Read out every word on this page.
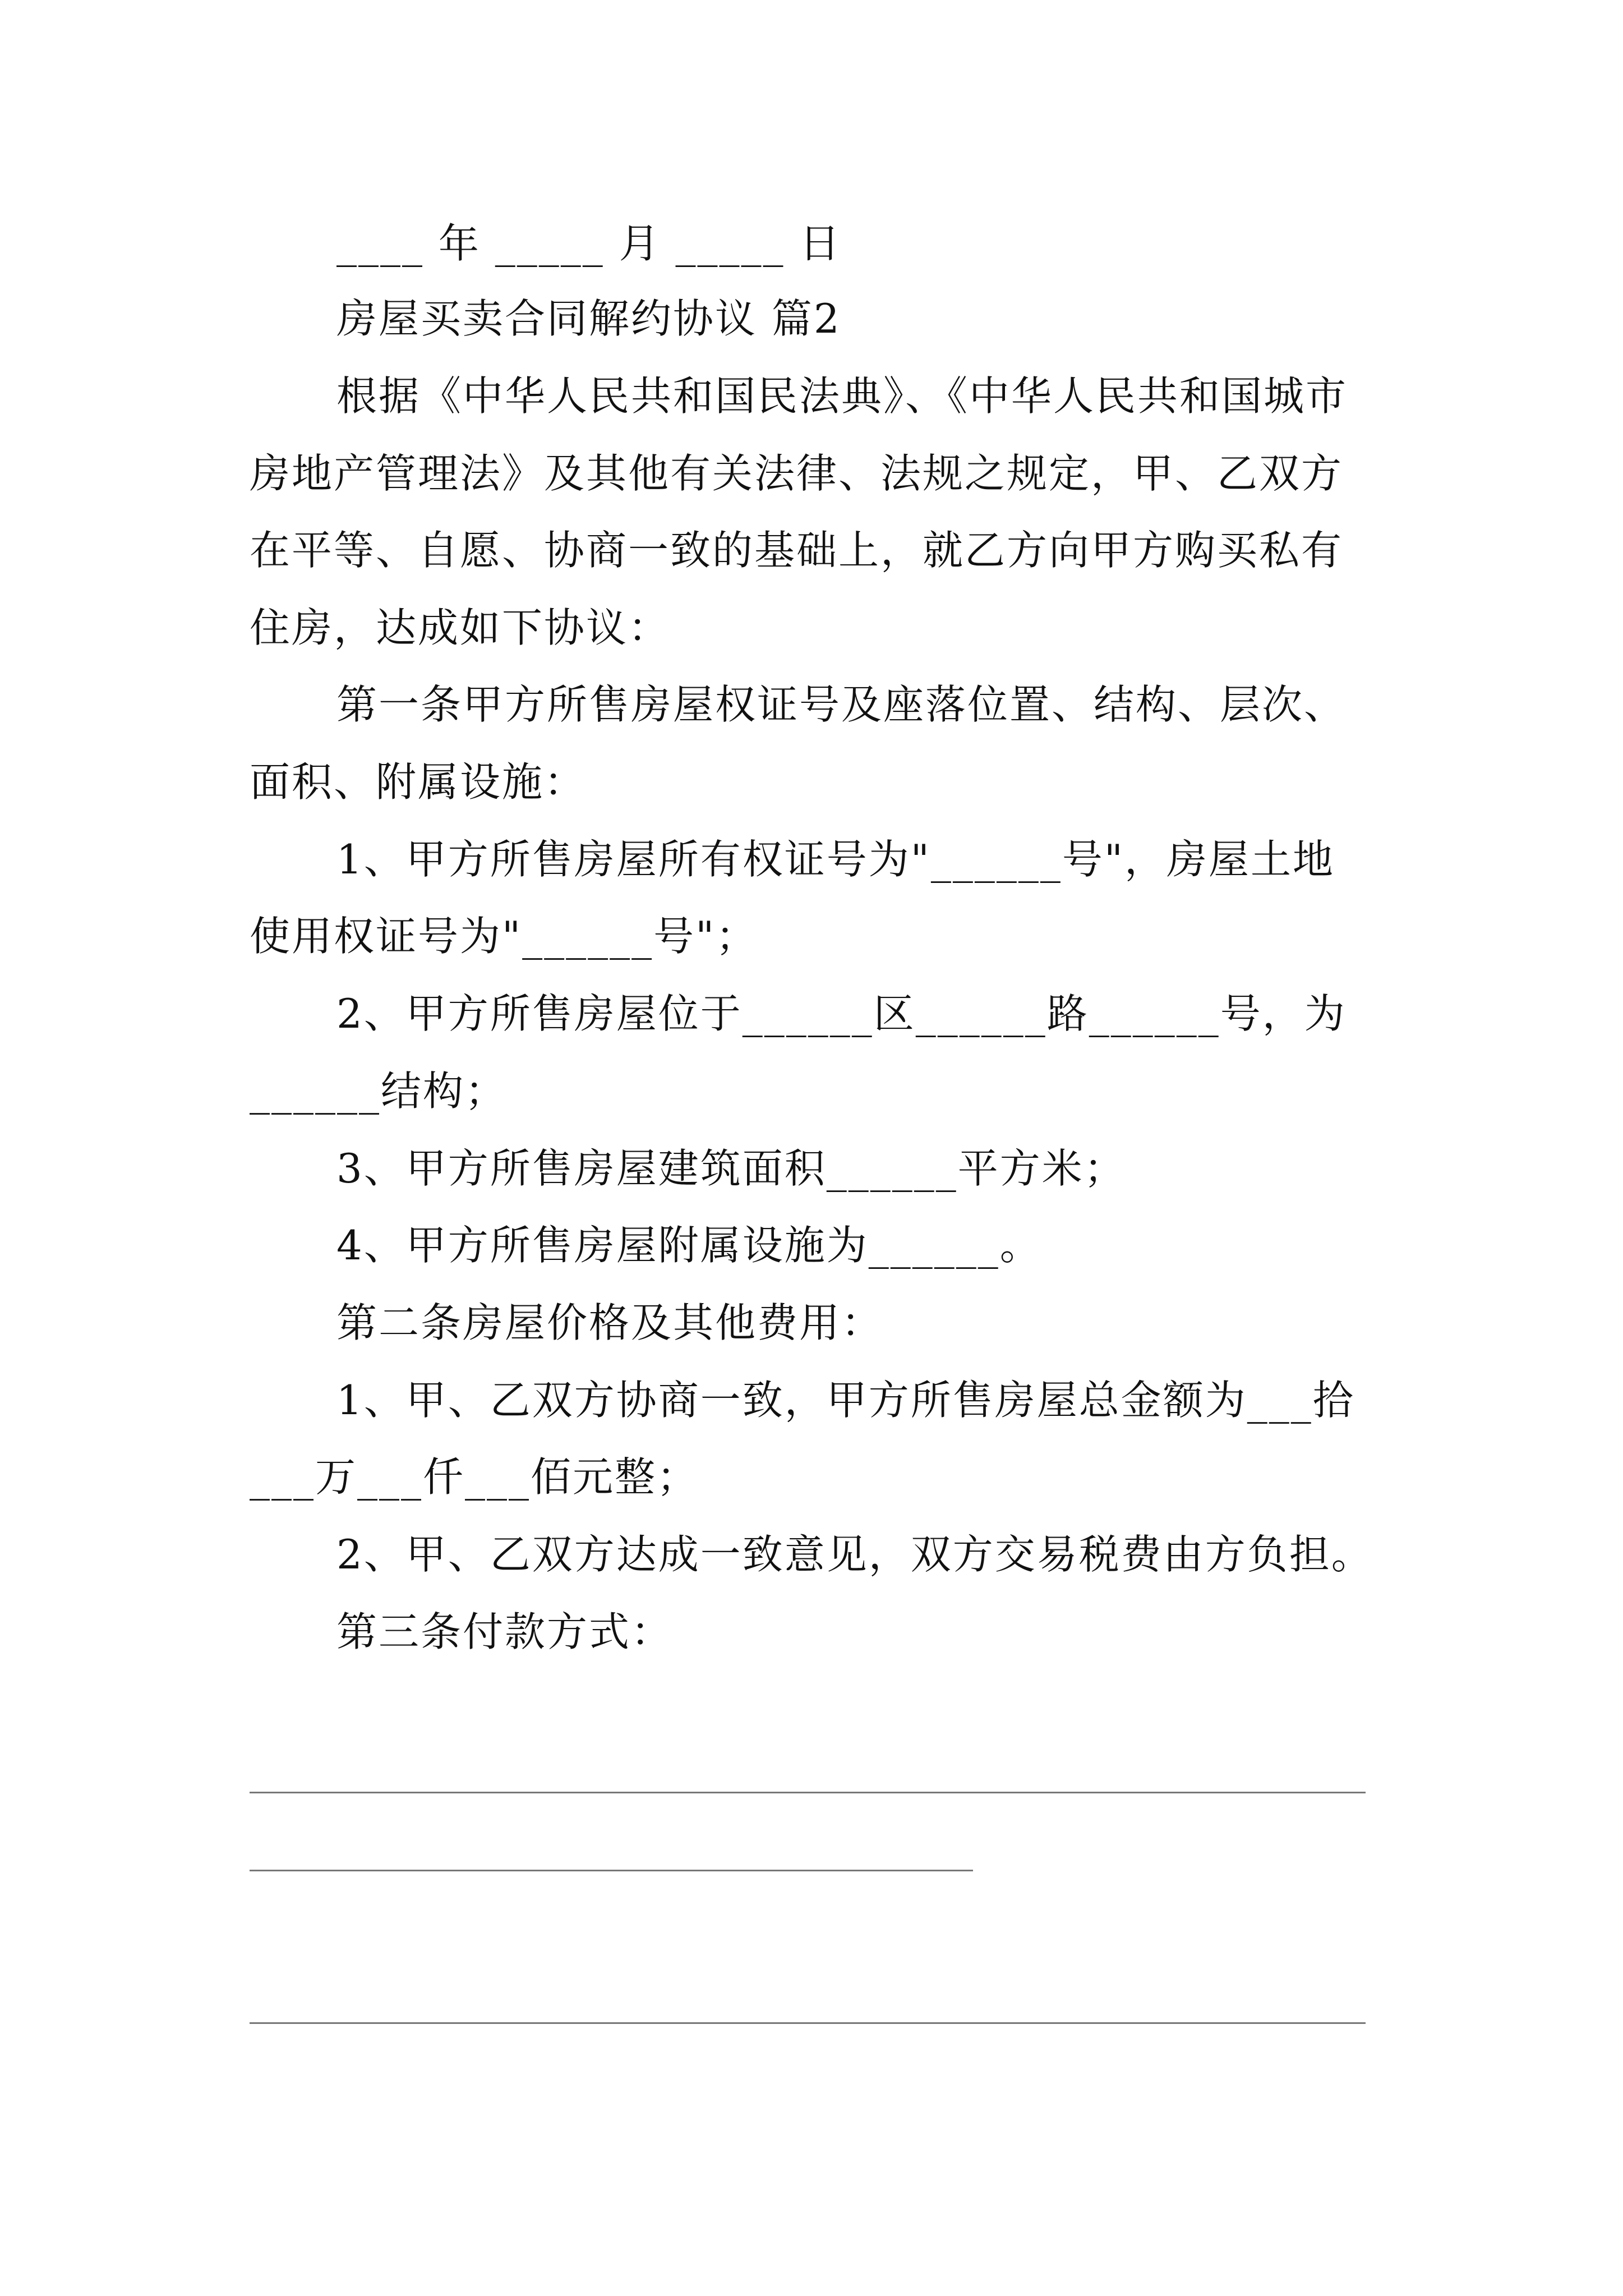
____ 年 _____ 月 _____ 日
房屋买卖合同解约协议 篇2
根据《中华人民共和国民法典》、《中华人民共和国城市
房地产管理法》及其他有关法律、法规之规定，甲、乙双方
在平等、自愿、协商一致的基础上，就乙方向甲方购买私有
住房，达成如下协议：
第一条甲方所售房屋权证号及座落位置、结构、层次、
面积、附属设施：
1、甲方所售房屋所有权证号为"______号"，房屋土地
使用权证号为"______号"；
2、甲方所售房屋位于______区______路______号，为
______结构；
3、甲方所售房屋建筑面积______平方米；
4、甲方所售房屋附属设施为______。
第二条房屋价格及其他费用：
1、甲、乙双方协商一致，甲方所售房屋总金额为___拾
___万___仟___佰元整；
2、甲、乙双方达成一致意见，双方交易税费由方负担。
第三条付款方式：
